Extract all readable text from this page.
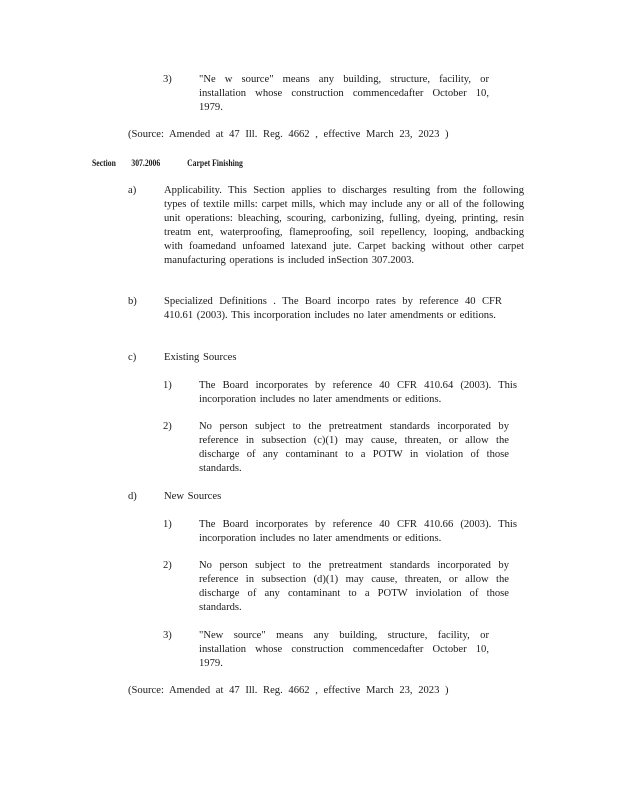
3)	"Ne w source" means any building, structure, facility, or installation whose construction commencedafter October 10, 1979.
(Source: Amended at 47 Ill. Reg. 4662 , effective March 23, 2023 )
Section 307.2006	Carpet Finishing
a)	Applicability. This Section applies to discharges resulting from the following types of textile mills: carpet mills, which may include any or all of the following unit operations: bleaching, scouring, carbonizing, fulling, dyeing, printing, resin treatm ent, waterproofing, flameproofing, soil repellency, looping, andbacking with foamedand unfoamed latexand jute. Carpet backing without other carpet manufacturing operations is included inSection 307.2003.
b)	Specialized Definitions . The Board incorpo rates by reference 40 CFR 410.61 (2003). This incorporation includes no later amendments or editions.
c)	Existing Sources
1)	The Board incorporates by reference 40 CFR 410.64 (2003). This incorporation includes no later amendments or editions.
2)	No person subject to the pretreatment standards incorporated by reference in subsection (c)(1) may cause, threaten, or allow the discharge of any contaminant to a POTW in violation of those standards.
d)	New Sources
1)	The Board incorporates by reference 40 CFR 410.66 (2003). This incorporation includes no later amendments or editions.
2)	No person subject to the pretreatment standards incorporated by reference in subsection (d)(1) may cause, threaten, or allow the discharge of any contaminant to a POTW inviolation of those standards.
3)	"New source" means any building, structure, facility, or installation whose construction commencedafter October 10, 1979.
(Source: Amended at 47 Ill. Reg. 4662 , effective March 23, 2023 )
